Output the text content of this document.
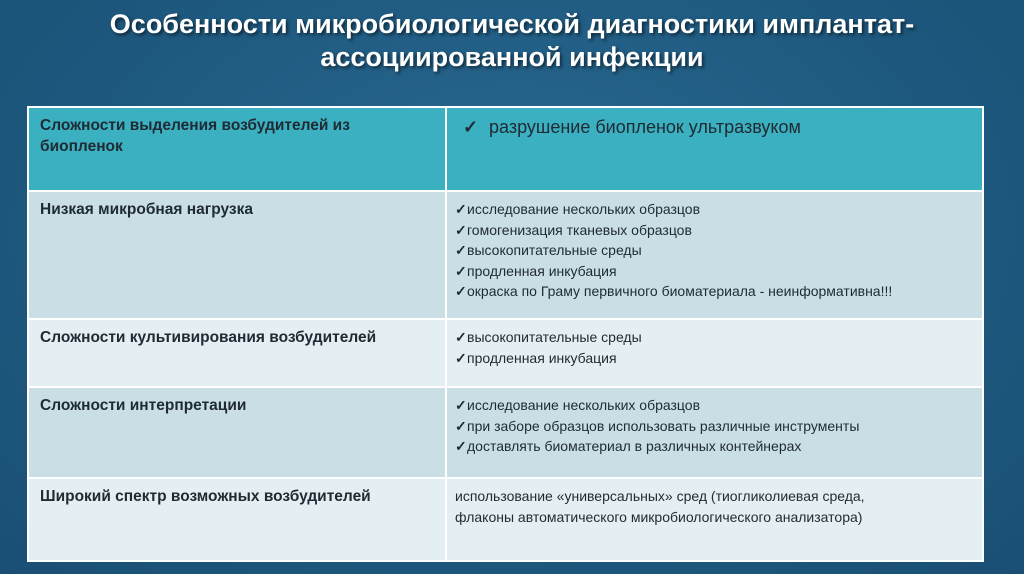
Особенности микробиологической диагностики имплантат-
ассоциированной инфекции
Сложности выделения возбудителей из биопленок	✓ разрушение биопленок ультразвуком

Низкая микробная нагрузка	✓исследование нескольких образцов
✓гомогенизация тканевых образцов
✓высокопитательные среды
✓продленная инкубация
✓окраска по Граму первичного биоматериала - неинформативна!!!

Сложности культивирования возбудителей	✓высокопитательные среды
✓продленная инкубация

Сложности интерпретации	✓исследование нескольких образцов
✓при заборе образцов использовать различные инструменты
✓доставлять биоматериал в различных контейнерах

Широкий спектр возможных возбудителей	использование «универсальных» сред (тиогликолиевая среда,
флаконы автоматического микробиологического анализатора)
